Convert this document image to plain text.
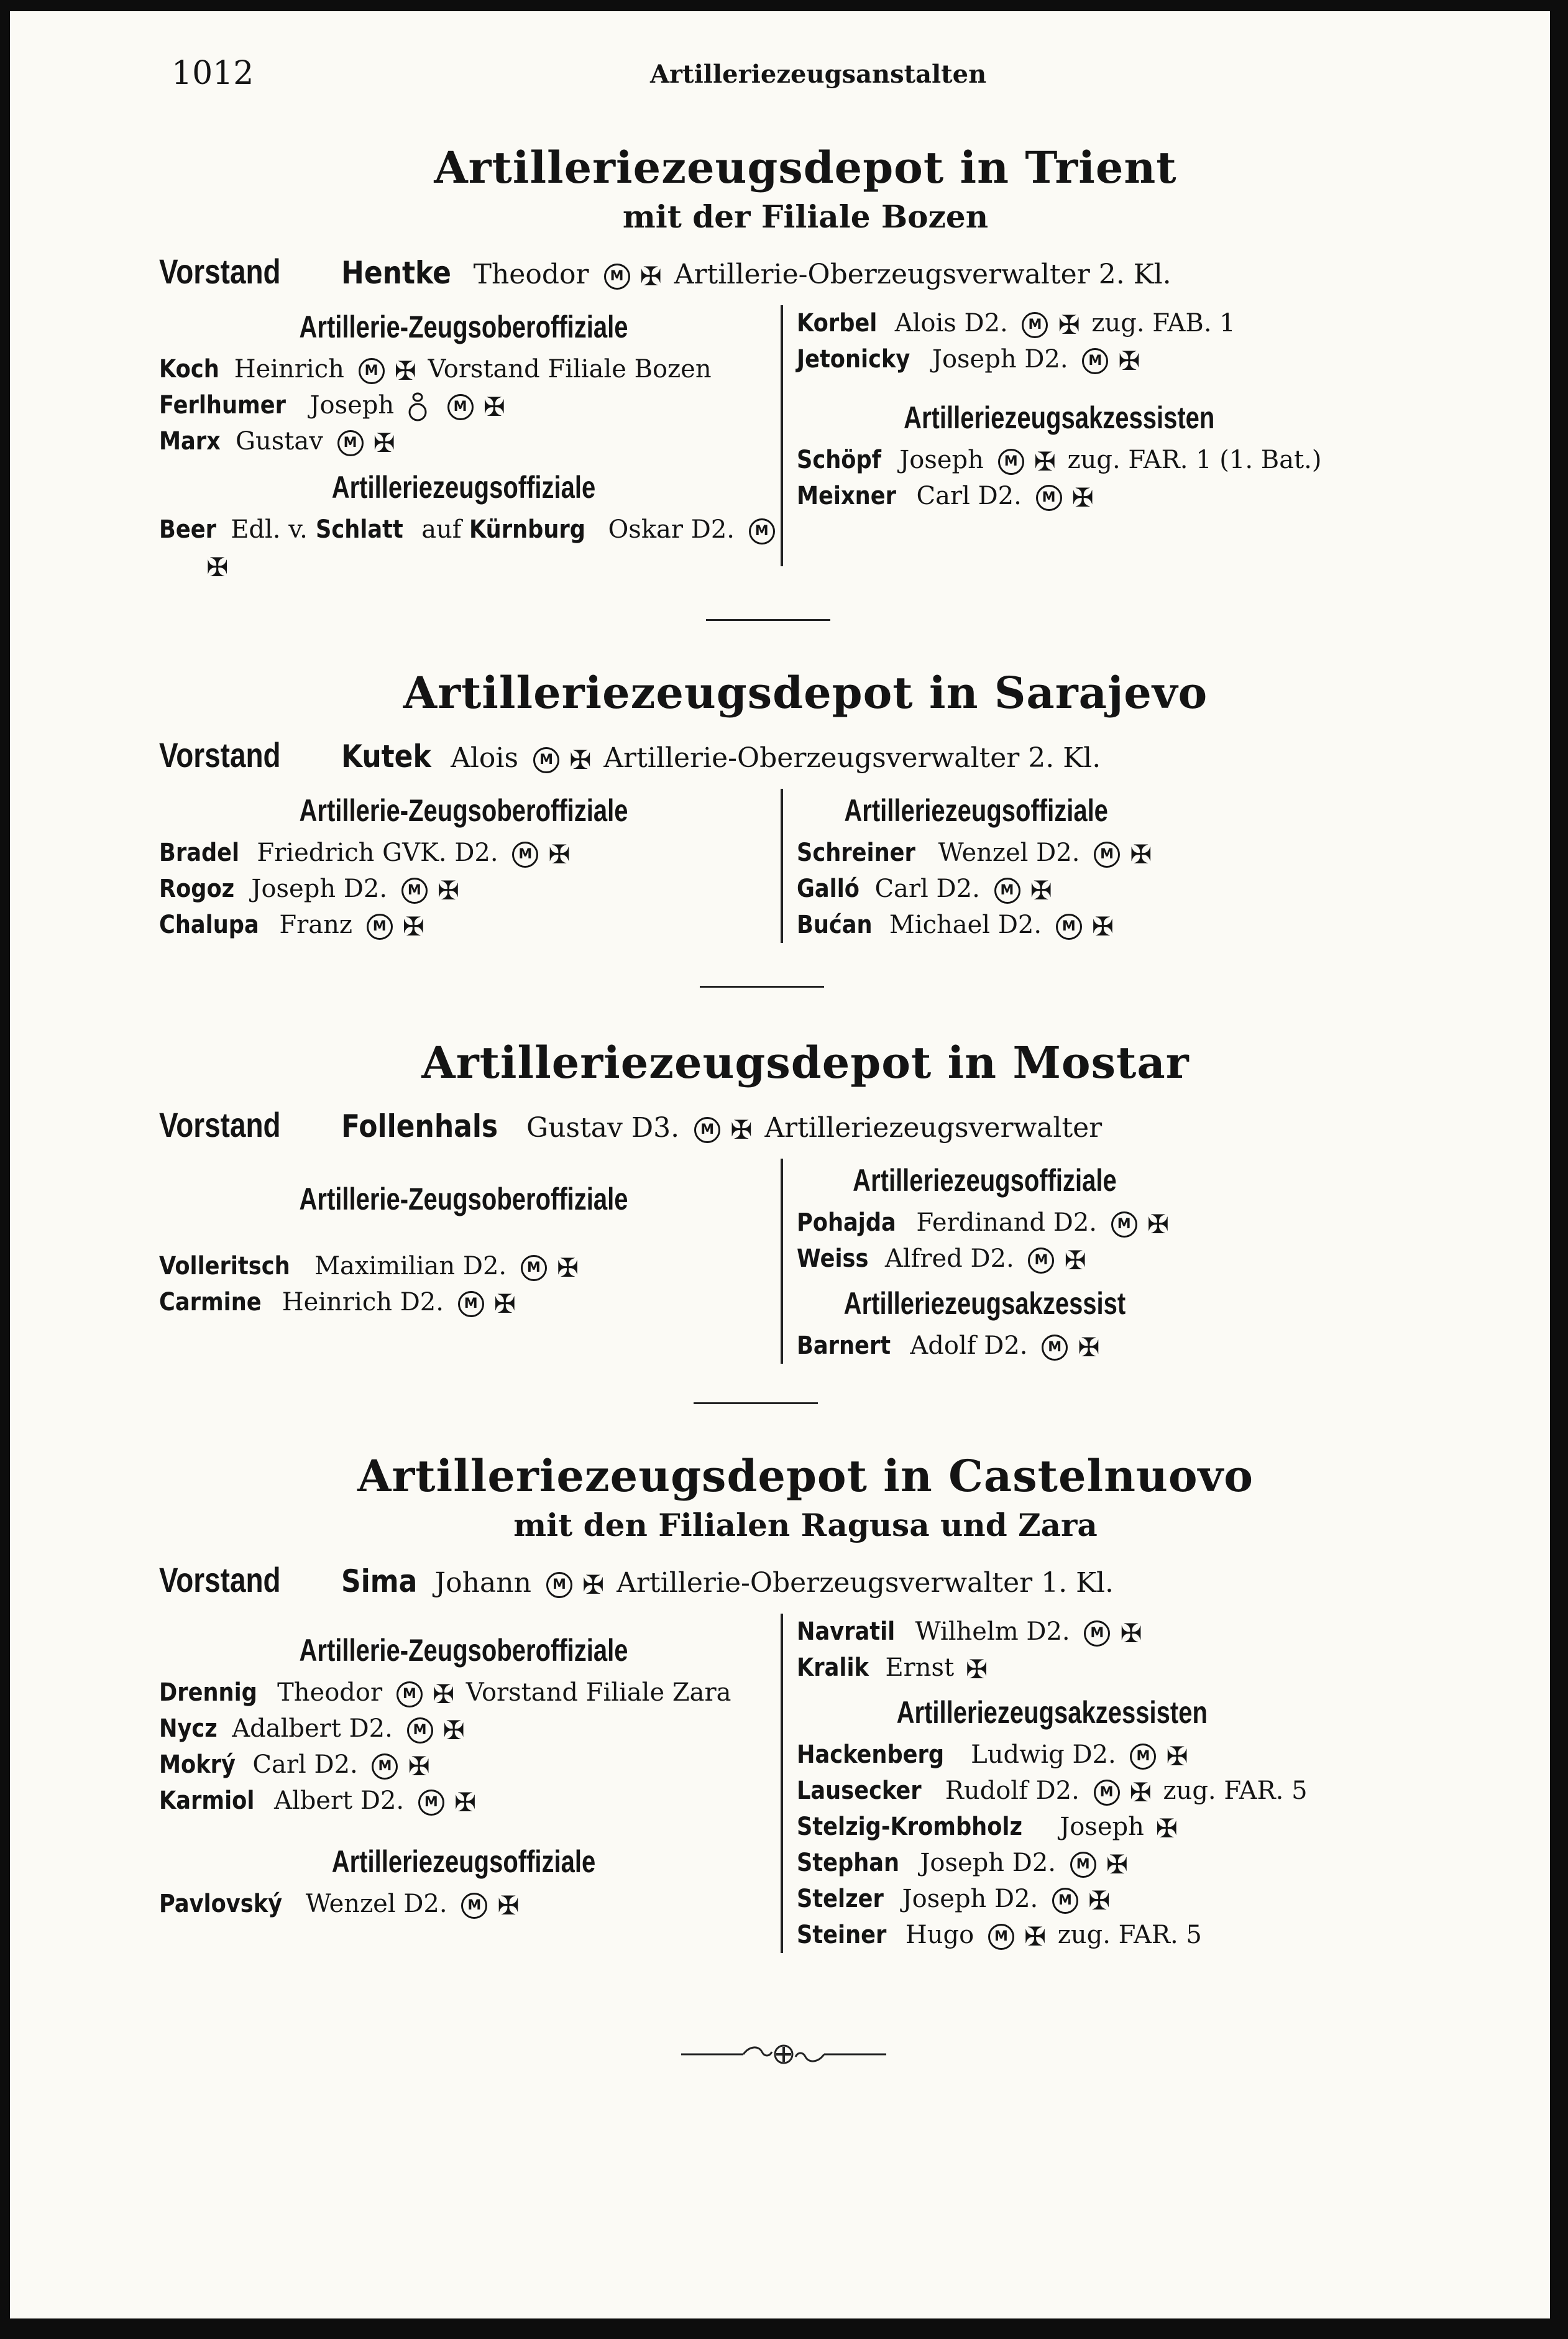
1012	Artilleriezeugsanstalten
Artilleriezeugsdepot in Trient
mit der Filiale Bozen
Vorstand Hentke Theodor M ✠ Artillerie-Oberzeugsverwalter 2. Kl.
Artillerie-Zeugsoberoffiziale
Koch Heinrich M ✠ Vorstand Filiale Bozen
Ferlhumer Joseph	M ✠
Marx Gustav M ✠
Artilleriezeugsoffiziale
Beer Edl. v. Schlatt auf Kürnburg Oskar D2. M
✠
Korbel Alois D2. M ✠ zug. FAB. 1
Jetonicky Joseph D2. M ✠
Artilleriezeugsakzessisten
Schöpf Joseph M ✠ zug. FAR. 1 (1. Bat.)
Meixner Carl D2. M ✠
Artilleriezeugsdepot in Sarajevo
Vorstand Kutek Alois M ✠ Artillerie-Oberzeugsverwalter 2. Kl.
Artillerie-Zeugsoberoffiziale
Bradel Friedrich GVK. D2. M ✠
Rogoz Joseph D2. M ✠
Chalupa Franz M ✠
Artilleriezeugsoffiziale
Schreiner Wenzel D2. M ✠
Galló Carl D2. M ✠
Bućan Michael D2. M ✠
Artilleriezeugsdepot in Mostar
Vorstand Follenhals Gustav D3. M ✠ Artilleriezeugsverwalter
Artillerie-Zeugsoberoffiziale
Volleritsch Maximilian D2. M ✠
Carmine Heinrich D2. M ✠
Artilleriezeugsoffiziale
Pohajda Ferdinand D2. M ✠
Weiss Alfred D2. M ✠
Artilleriezeugsakzessist
Barnert Adolf D2. M ✠
Artilleriezeugsdepot in Castelnuovo
mit den Filialen Ragusa und Zara
Vorstand Sima Johann M ✠ Artillerie-Oberzeugsverwalter 1. Kl.
Artillerie-Zeugsoberoffiziale
Drennig Theodor M ✠ Vorstand Filiale Zara
Nycz Adalbert D2. M ✠
Mokrý Carl D2. M ✠
Karmiol Albert D2. M ✠
Artilleriezeugsoffiziale
Pavlovský Wenzel D2. M ✠
Navratil Wilhelm D2. M ✠
Kralik Ernst ✠
Artilleriezeugsakzessisten
Hackenberg Ludwig D2. M ✠
Lausecker Rudolf D2. M ✠ zug. FAR. 5
Stelzig-Krombholz Joseph ✠
Stephan Joseph D2. M ✠
Stelzer Joseph D2. M ✠
Steiner Hugo M ✠ zug. FAR. 5
